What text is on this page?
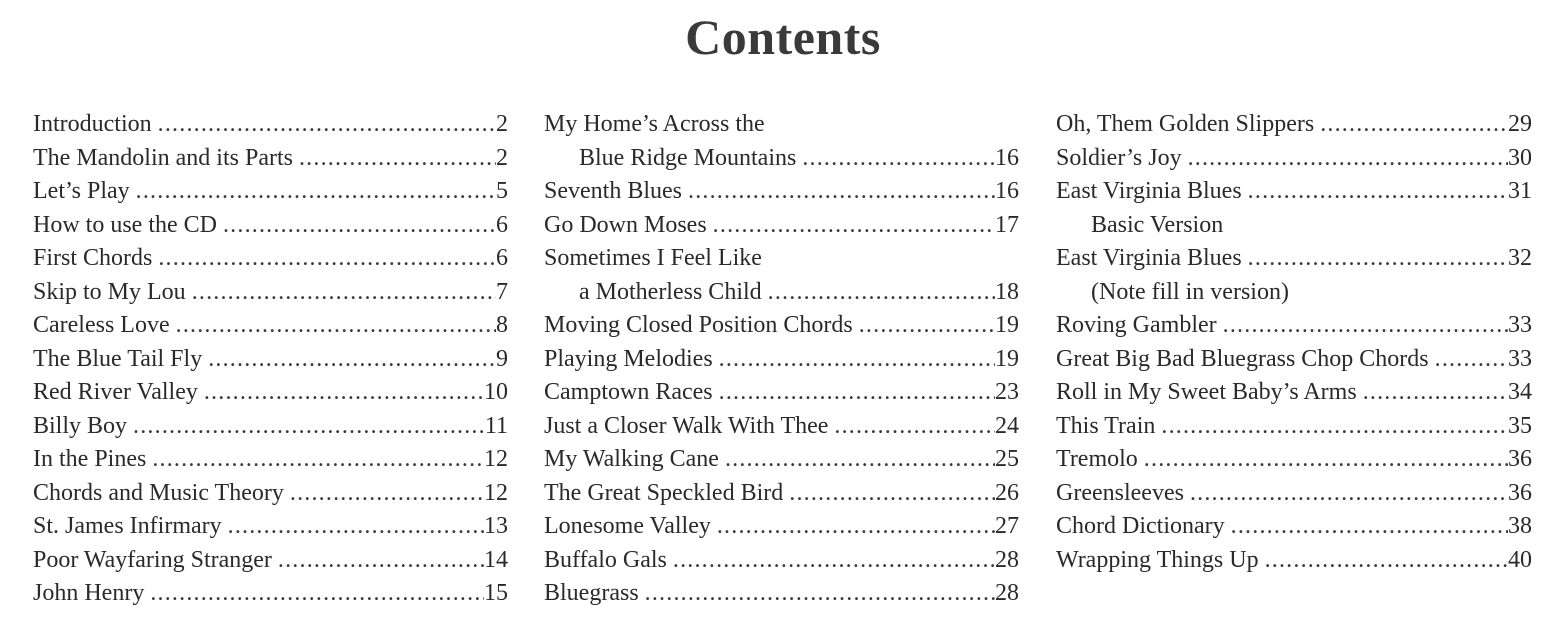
Contents
Introduction .....	2
The Mandolin and its Parts .....	2
Let’s Play .....	5
How to use the CD .....	6
First Chords .....	6
Skip to My Lou .....	7
Careless Love .....	8
The Blue Tail Fly .....	9
Red River Valley .....	10
Billy Boy .....	11
In the Pines .....	12
Chords and Music Theory .....	12
St. James Infirmary .....	13
Poor Wayfaring Stranger .....	14
John Henry .....	15
My Home’s Across the
Blue Ridge Mountains .....	16
Seventh Blues .....	16
Go Down Moses .....	17
Sometimes I Feel Like
a Motherless Child .....	18
Moving Closed Position Chords .....	19
Playing Melodies .....	19
Camptown Races .....	23
Just a Closer Walk With Thee .....	24
My Walking Cane .....	25
The Great Speckled Bird .....	26
Lonesome Valley .....	27
Buffalo Gals .....	28
Bluegrass .....	28
Oh, Them Golden Slippers .....	29
Soldier’s Joy .....	30
East Virginia Blues .....	31
Basic Version
East Virginia Blues .....	32
(Note fill in version)
Roving Gambler .....	33
Great Big Bad Bluegrass Chop Chords .....	33
Roll in My Sweet Baby’s Arms .....	34
This Train .....	35
Tremolo .....	36
Greensleeves .....	36
Chord Dictionary .....	38
Wrapping Things Up .....	40
